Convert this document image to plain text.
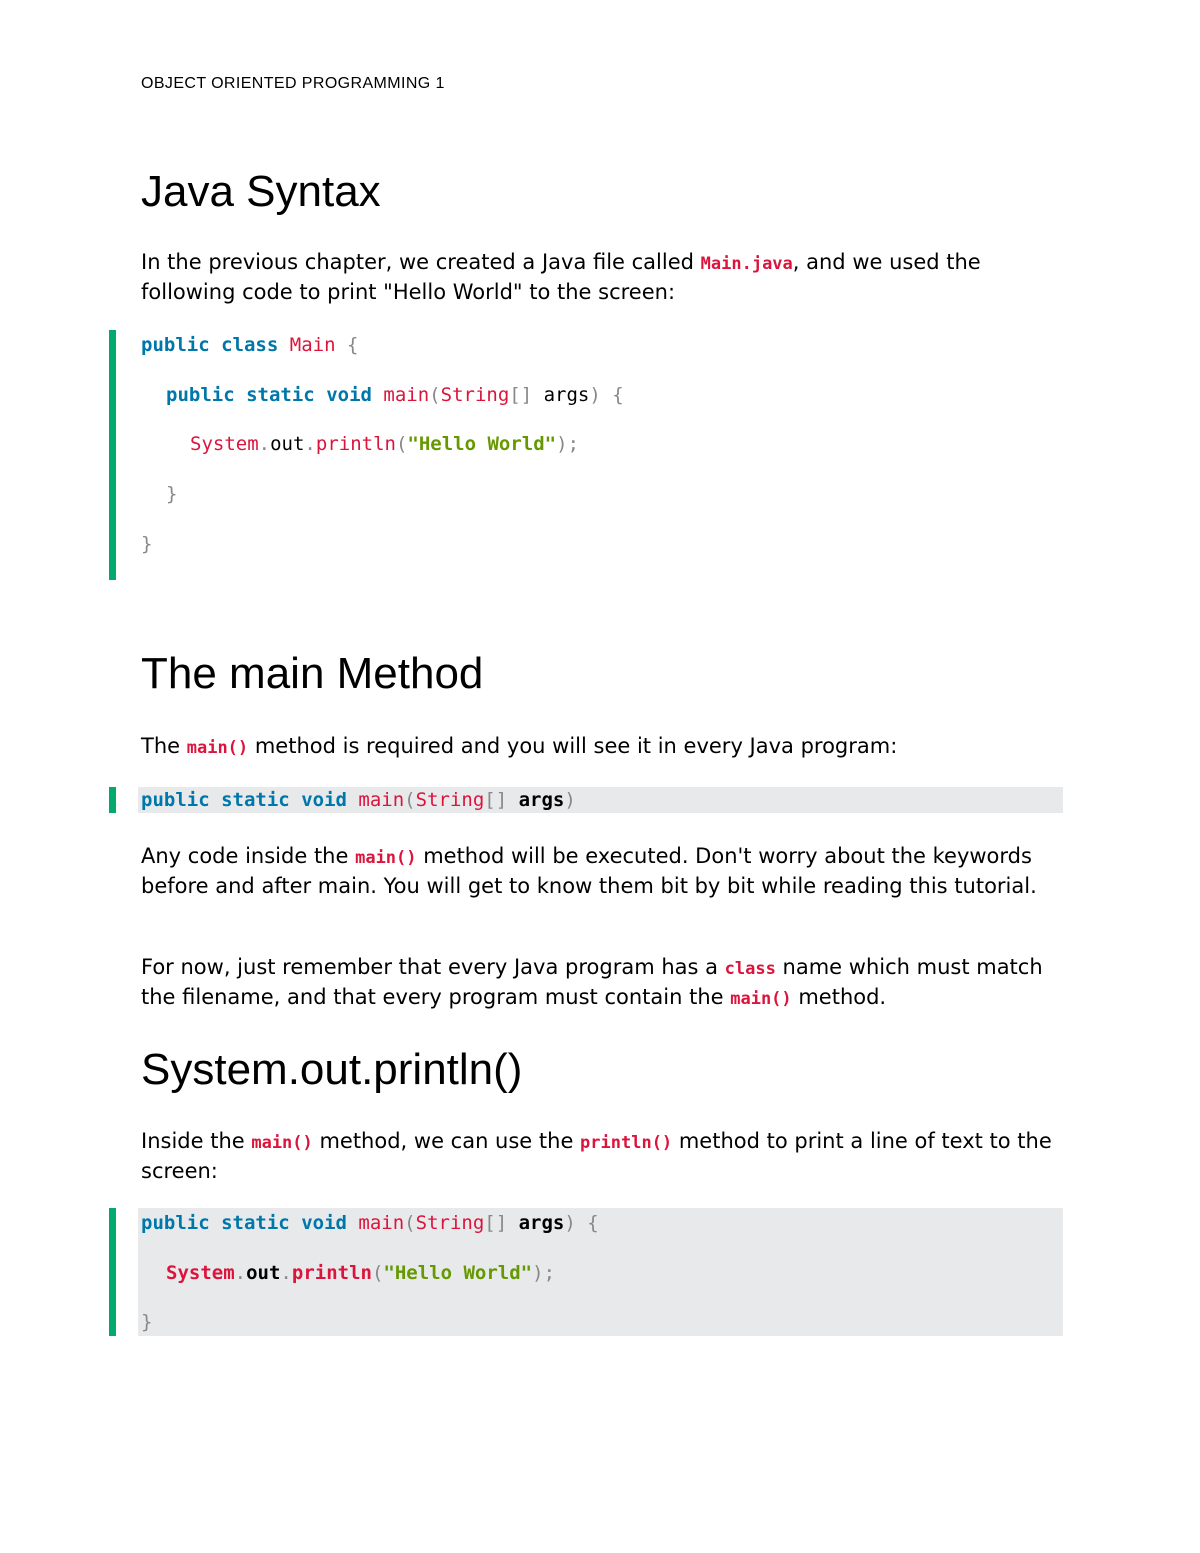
OBJECT ORIENTED PROGRAMMING 1
Java Syntax

In the previous chapter, we created a Java file called Main.java, and we used the following code to print "Hello World" to the screen:

public class Main {

public static void main(String[] args) {

System.out.println("Hello World");

}

}

The main Method

The main() method is required and you will see it in every Java program:

public static void main(String[] args)

Any code inside the main() method will be executed. Don't worry about the keywords before and after main. You will get to know them bit by bit while reading this tutorial.

For now, just remember that every Java program has a class name which must match the filename, and that every program must contain the main() method.

System.out.println()

Inside the main() method, we can use the println() method to print a line of text to the screen:

public static void main(String[] args) {

System.out.println("Hello World");

}
